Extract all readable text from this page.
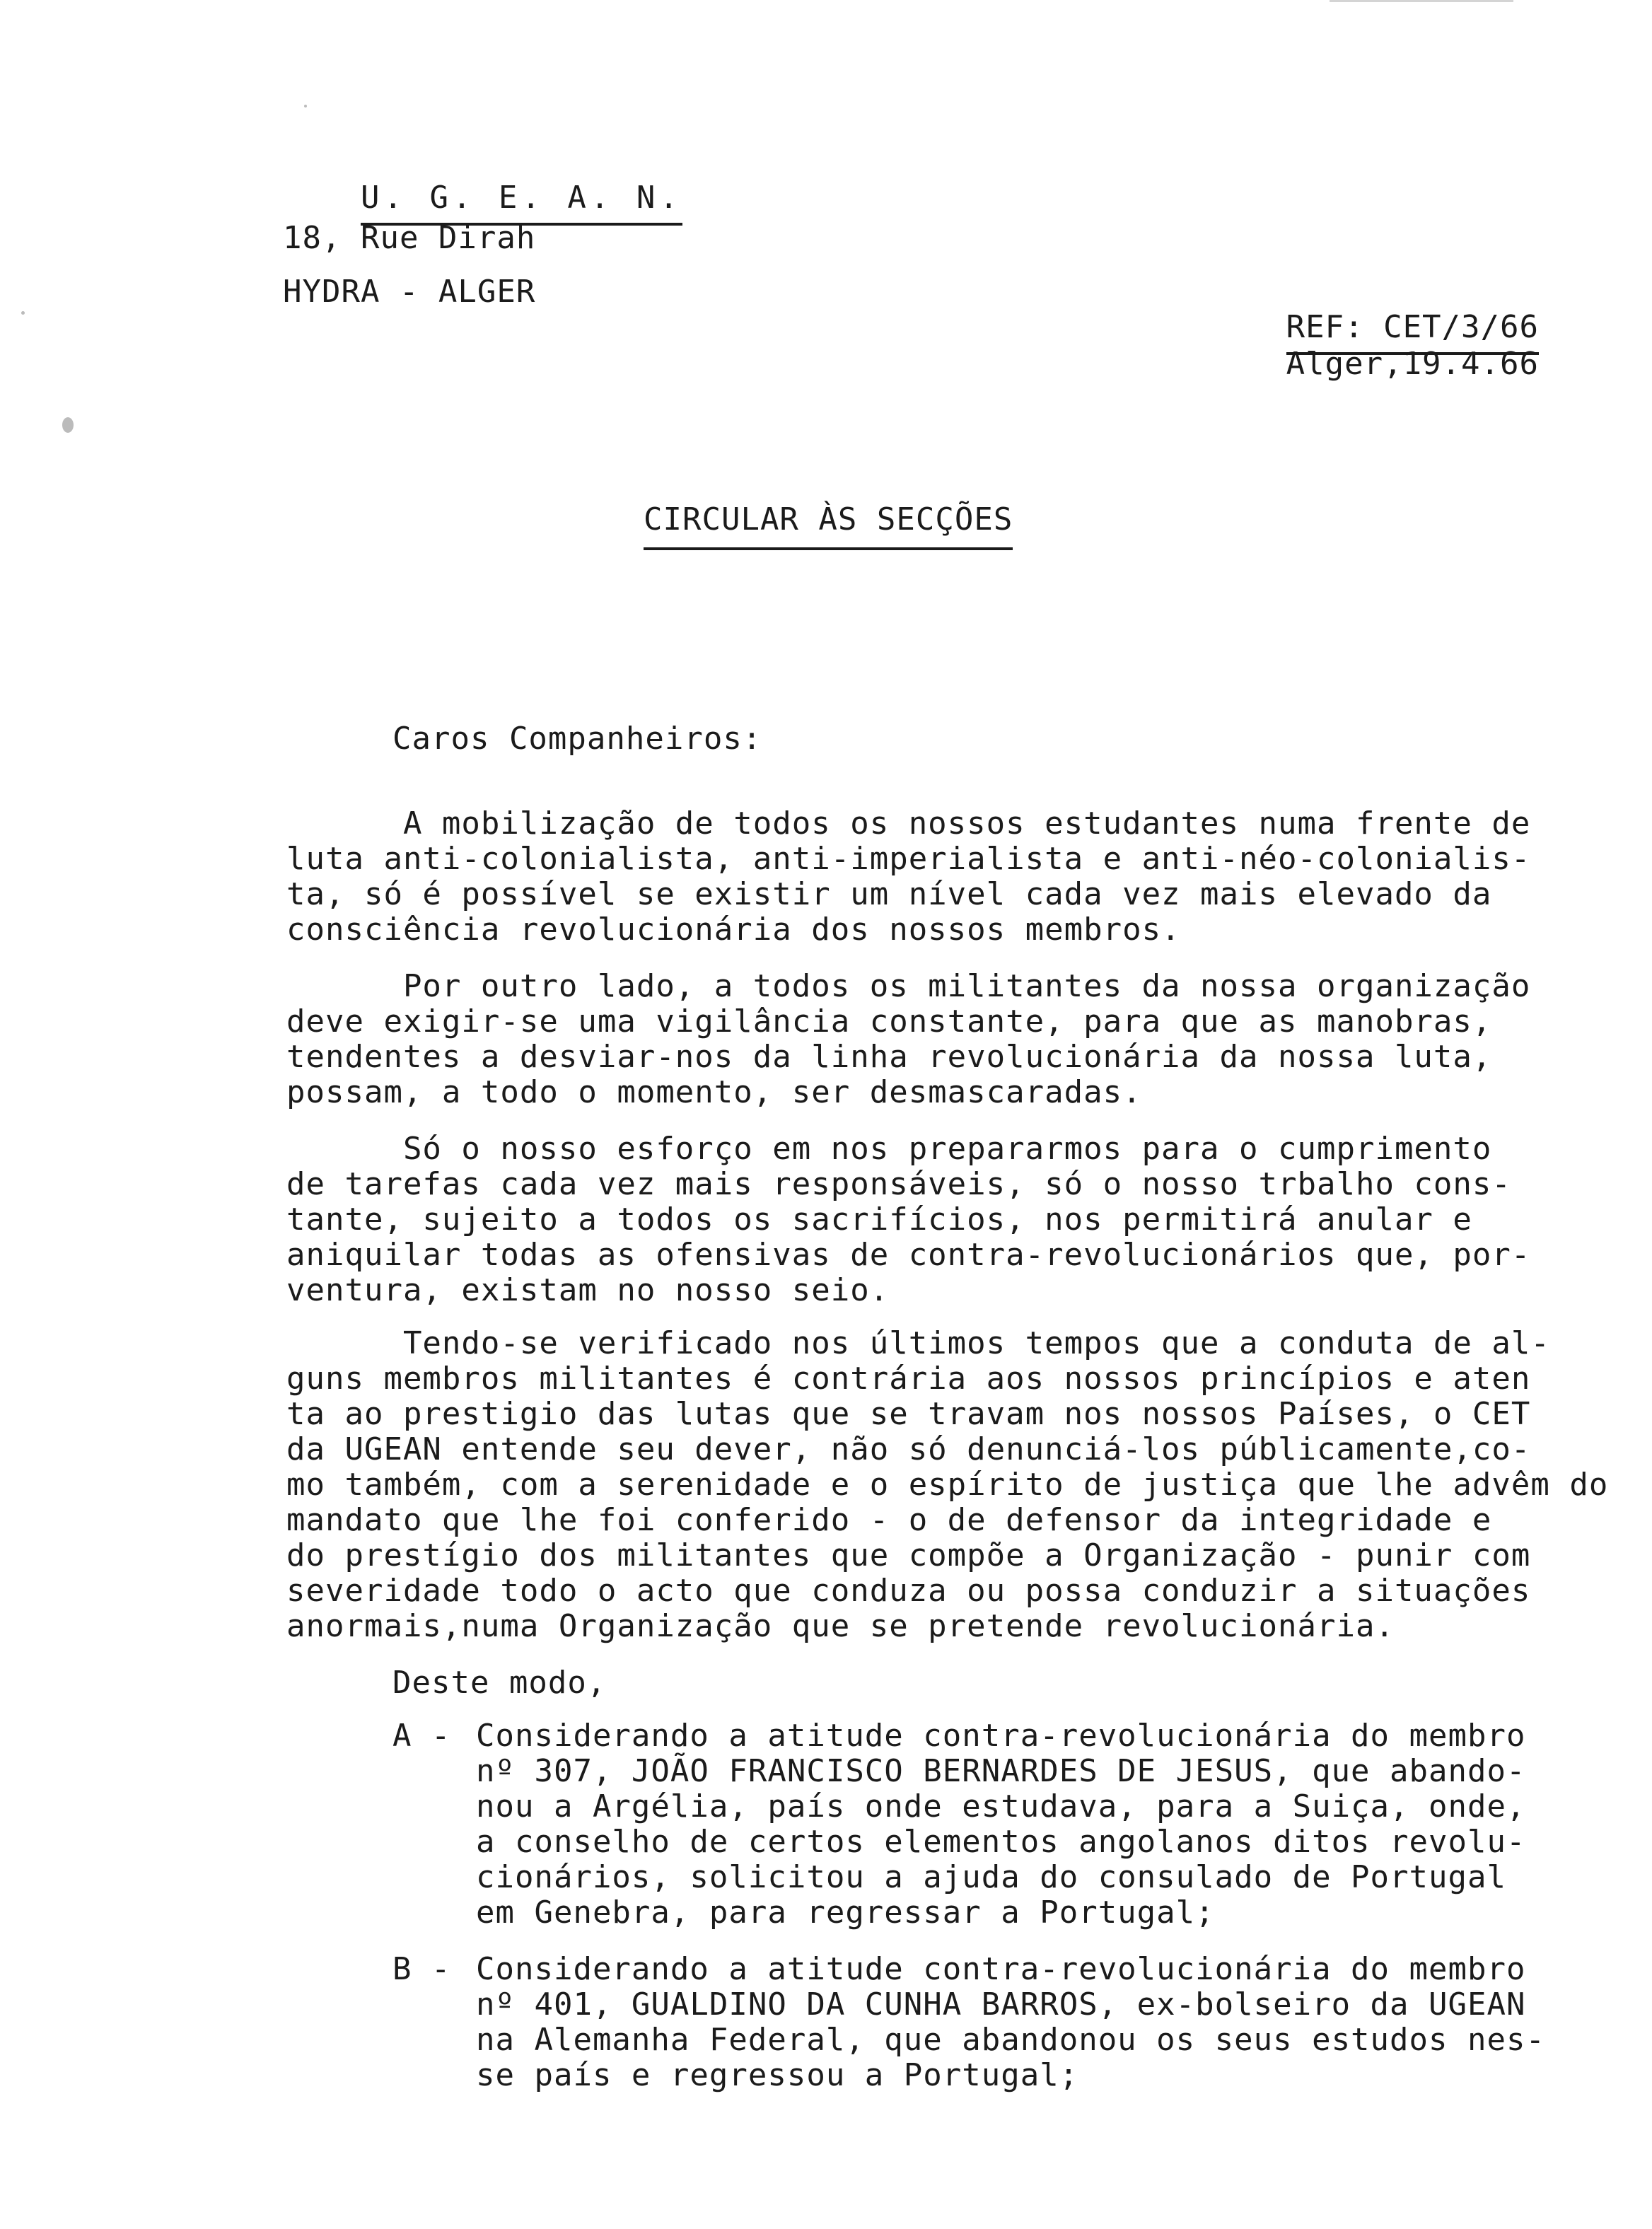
U. G. E. A. N.

18, Rue Dirah
HYDRA - ALGER

REF: CET/3/66

Alger,19.4.66
CIRCULAR ÀS SECÇÕES
Caros Companheiros:
A mobilização de todos os nossos estudantes numa frente de
luta anti-colonialista, anti-imperialista e anti-néo-colonialis-
ta, só é possível se existir um nível cada vez mais elevado da
consciência revolucionária dos nossos membros.
Por outro lado, a todos os militantes da nossa organização
deve exigir-se uma vigilância constante, para que as manobras,
tendentes a desviar-nos da linha revolucionária da nossa luta,
possam, a todo o momento, ser desmascaradas.
Só o nosso esforço em nos prepararmos para o cumprimento
de tarefas cada vez mais responsáveis, só o nosso trbalho cons-
tante, sujeito a todos os sacrifícios, nos permitirá anular e
aniquilar todas as ofensivas de contra-revolucionários que, por-
ventura, existam no nosso seio.
Tendo-se verificado nos últimos tempos que a conduta de al-
guns membros militantes é contrária aos nossos princípios e aten
ta ao prestigio das lutas que se travam nos nossos Países, o CET
da UGEAN entende seu dever, não só denunciá-los públicamente,co-
mo também, com a serenidade e o espírito de justiça que lhe advêm do
mandato que lhe foi conferido - o de defensor da integridade e
do prestígio dos militantes que compõe a Organização - punir com
severidade todo o acto que conduza ou possa conduzir a situações
anormais,numa Organização que se pretende revolucionária.
Deste modo,
A - Considerando a atitude contra-revolucionária do membro
nº 307, JOÃO FRANCISCO BERNARDES DE JESUS, que abando-
nou a Argélia, país onde estudava, para a Suiça, onde,
a conselho de certos elementos angolanos ditos revolu-
cionários, solicitou a ajuda do consulado de Portugal
em Genebra, para regressar a Portugal;
B - Considerando a atitude contra-revolucionária do membro
nº 401, GUALDINO DA CUNHA BARROS, ex-bolseiro da UGEAN
na Alemanha Federal, que abandonou os seus estudos nes-
se país e regressou a Portugal;
